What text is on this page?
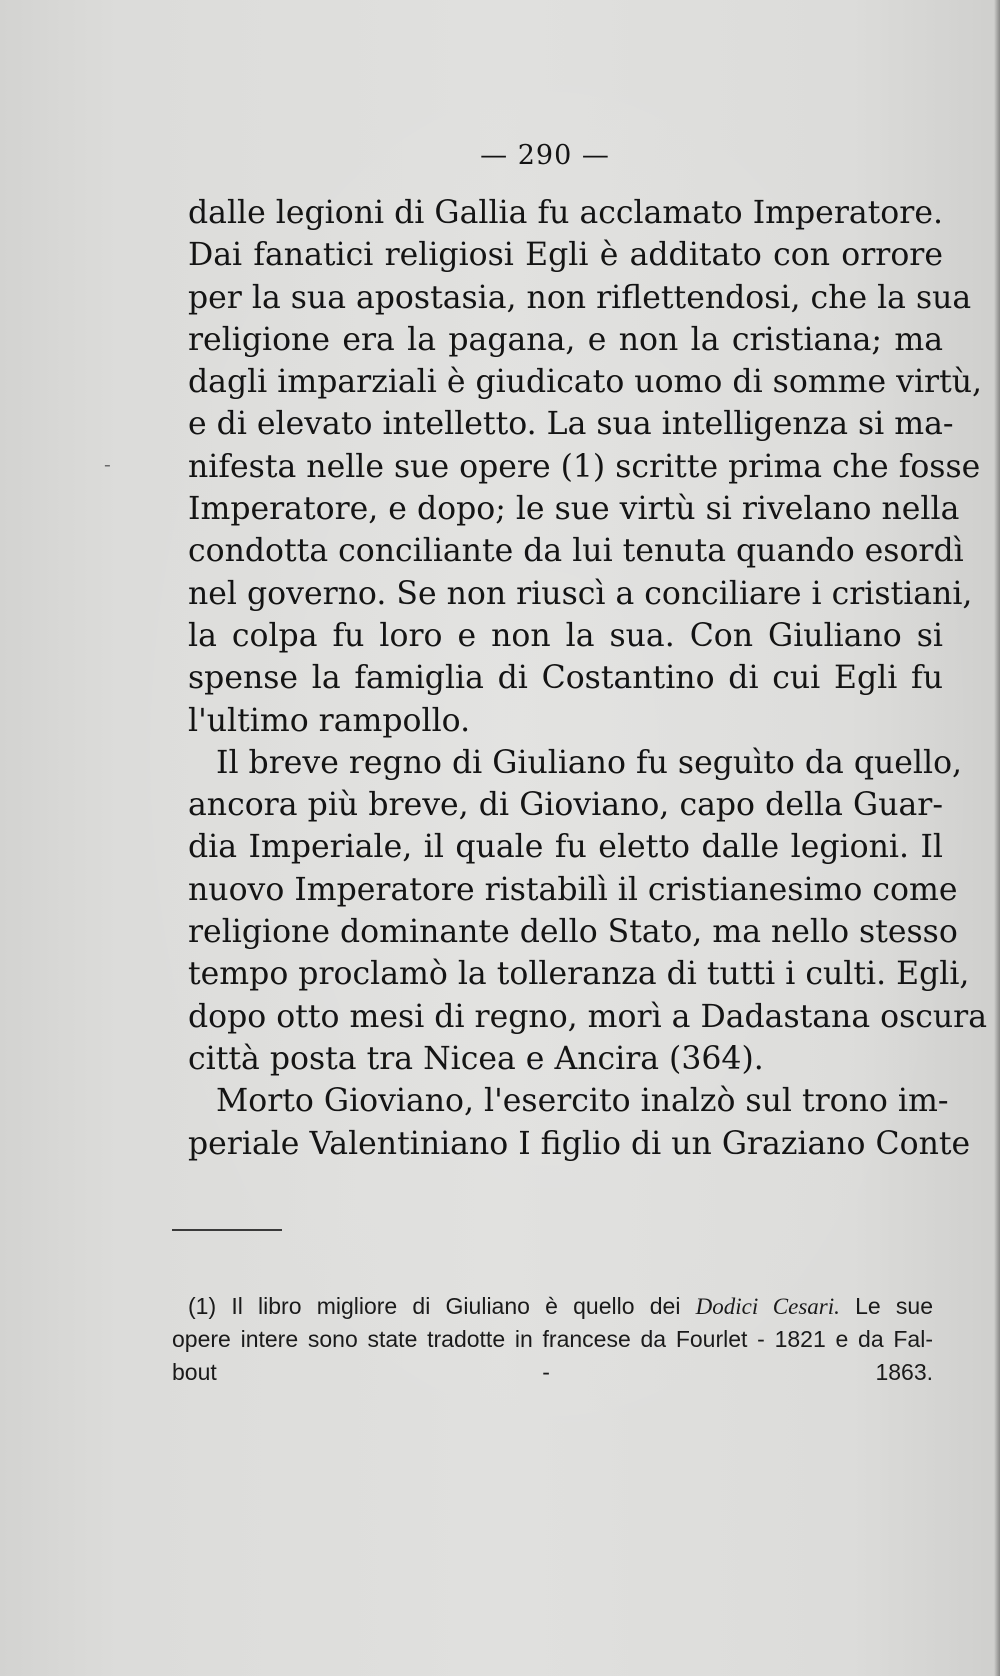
— 290 —
-
dalle legioni di Gallia fu acclamato Imperatore.
Dai fanatici religiosi Egli è additato con orrore
per la sua apostasia, non riflettendosi, che la sua
religione era la pagana, e non la cristiana; ma
dagli imparziali è giudicato uomo di somme virtù,
e di elevato intelletto. La sua intelligenza si ma-
nifesta nelle sue opere (1) scritte prima che fosse
Imperatore, e dopo; le sue virtù si rivelano nella
condotta conciliante da lui tenuta quando esordì
nel governo. Se non riuscì a conciliare i cristiani,
la colpa fu loro e non la sua. Con Giuliano si
spense la famiglia di Costantino di cui Egli fu
l'ultimo rampollo.
Il breve regno di Giuliano fu seguìto da quello,
ancora più breve, di Gioviano, capo della Guar-
dia Imperiale, il quale fu eletto dalle legioni. Il
nuovo Imperatore ristabilì il cristianesimo come
religione dominante dello Stato, ma nello stesso
tempo proclamò la tolleranza di tutti i culti. Egli,
dopo otto mesi di regno, morì a Dadastana oscura
città posta tra Nicea e Ancira (364).
Morto Gioviano, l'esercito inalzò sul trono im-
periale Valentiniano I figlio di un Graziano Conte
(1) Il libro migliore di Giuliano è quello dei Dodici Cesari. Le sue
opere intere sono state tradotte in francese da Fourlet - 1821 e da Fal-
bout - 1863.
